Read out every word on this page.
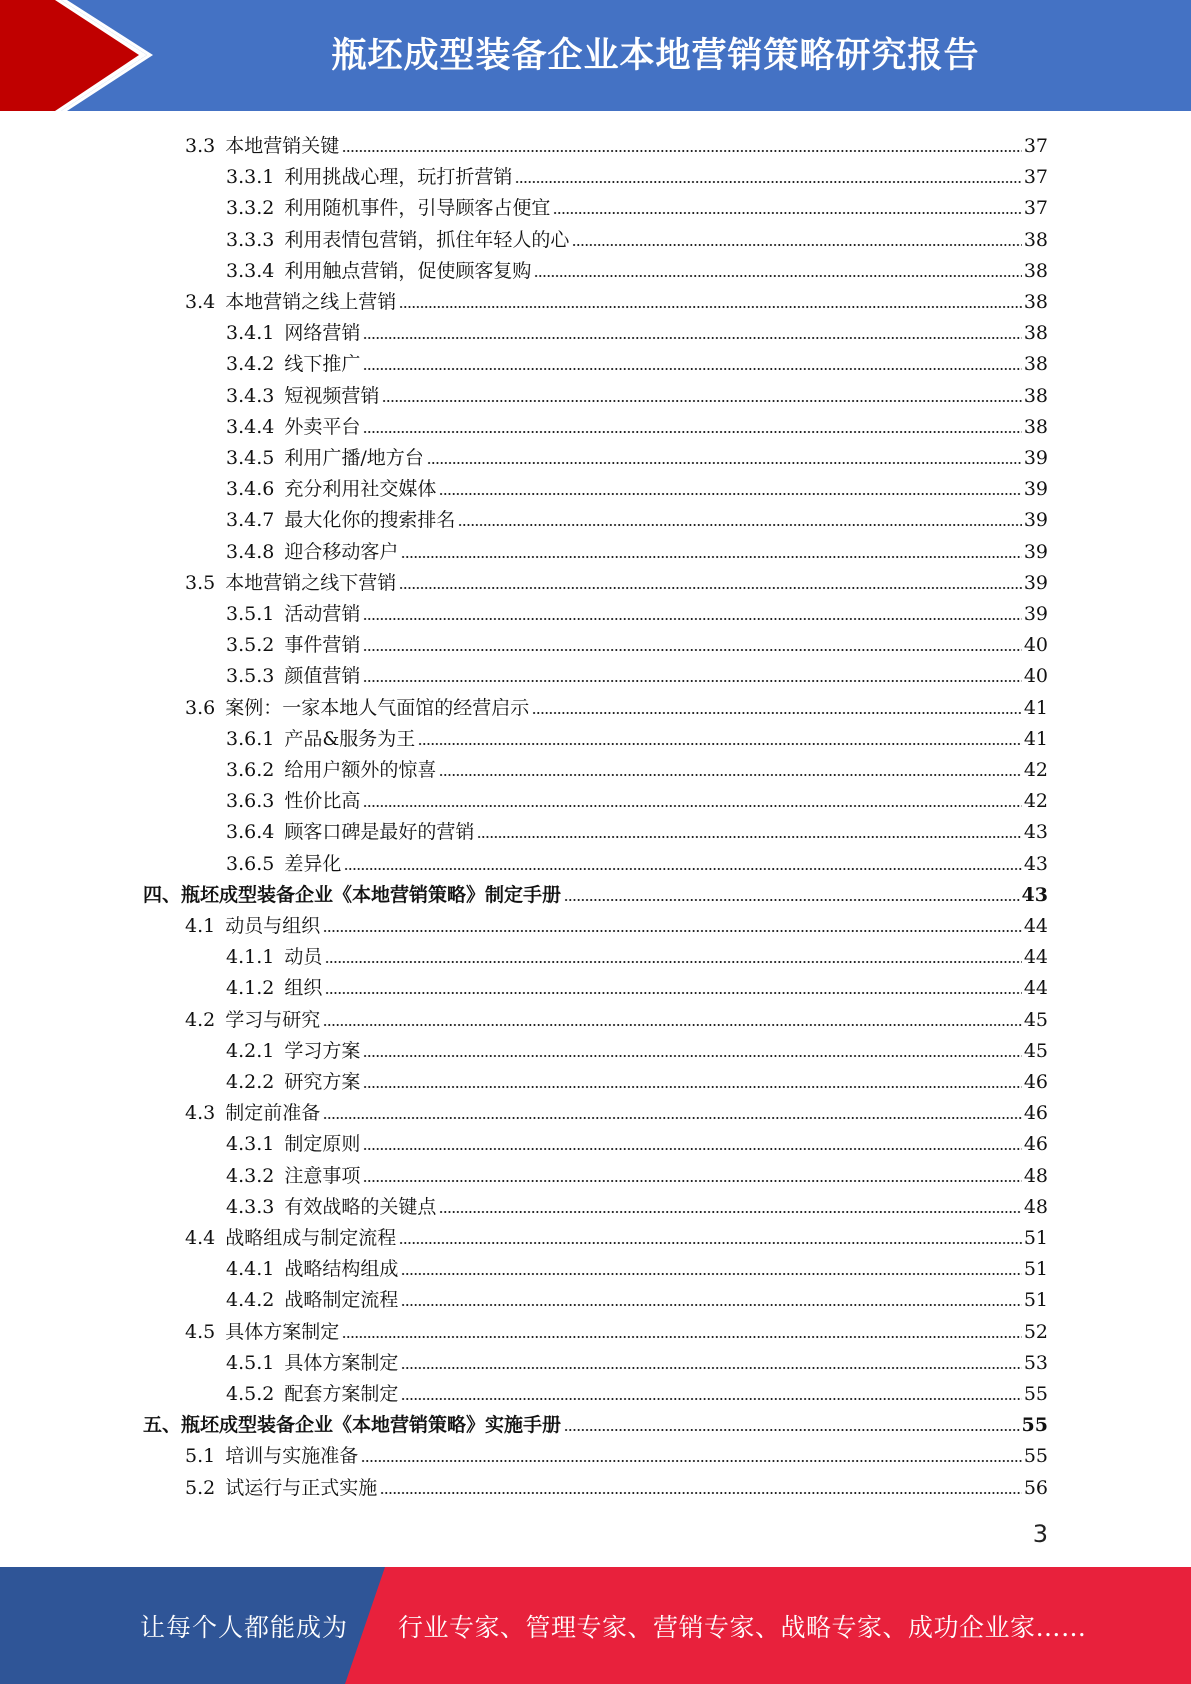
瓶坯成型装备企业本地营销策略研究报告
3.3 本地营销关键	37
3.3.1 利用挑战心理，玩打折营销	37
3.3.2 利用随机事件，引导顾客占便宜	37
3.3.3 利用表情包营销，抓住年轻人的心	38
3.3.4 利用触点营销，促使顾客复购	38
3.4 本地营销之线上营销	38
3.4.1 网络营销	38
3.4.2 线下推广	38
3.4.3 短视频营销	38
3.4.4 外卖平台	38
3.4.5 利用广播/地方台	39
3.4.6 充分利用社交媒体	39
3.4.7 最大化你的搜索排名	39
3.4.8 迎合移动客户	39
3.5 本地营销之线下营销	39
3.5.1 活动营销	39
3.5.2 事件营销	40
3.5.3 颜值营销	40
3.6 案例：一家本地人气面馆的经营启示	41
3.6.1 产品&服务为王	41
3.6.2 给用户额外的惊喜	42
3.6.3 性价比高	42
3.6.4 顾客口碑是最好的营销	43
3.6.5 差异化	43
四、瓶坯成型装备企业《本地营销策略》制定手册	43
4.1 动员与组织	44
4.1.1 动员	44
4.1.2 组织	44
4.2 学习与研究	45
4.2.1 学习方案	45
4.2.2 研究方案	46
4.3 制定前准备	46
4.3.1 制定原则	46
4.3.2 注意事项	48
4.3.3 有效战略的关键点	48
4.4 战略组成与制定流程	51
4.4.1 战略结构组成	51
4.4.2 战略制定流程	51
4.5 具体方案制定	52
4.5.1 具体方案制定	53
4.5.2 配套方案制定	55
五、瓶坯成型装备企业《本地营销策略》实施手册	55
5.1 培训与实施准备	55
5.2 试运行与正式实施	56
3
让每个人都能成为 行业专家、管理专家、营销专家、战略专家、成功企业家……
